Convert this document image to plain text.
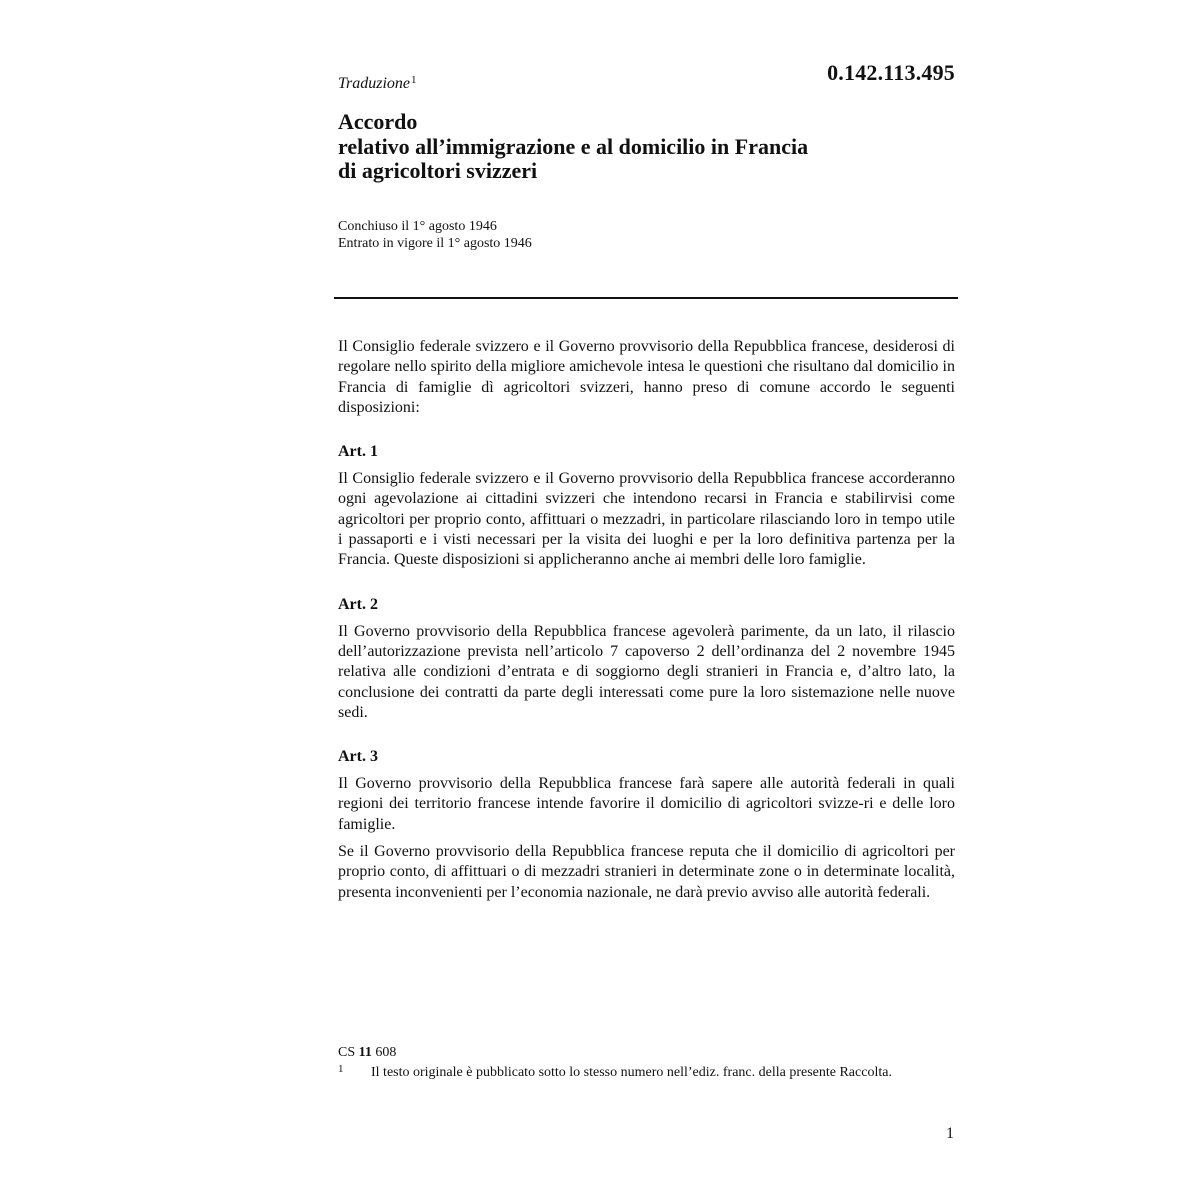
Traduzione$^1$	0.142.113.495
Accordo
relativo all’immigrazione e al domicilio in Francia
di agricoltori svizzeri
Conchiuso il 1° agosto 1946
Entrato in vigore il 1° agosto 1946

Il Consiglio federale svizzero e il Governo provvisorio della Repubblica francese, desiderosi di regolare nello spirito della migliore amichevole intesa le questioni che risultano dal domicilio in Francia di famiglie dì agricoltori svizzeri, hanno preso di comune accordo le seguenti disposizioni:

Art. 1

Il Consiglio federale svizzero e il Governo provvisorio della Repubblica francese accorderanno ogni agevolazione ai cittadini svizzeri che intendono recarsi in Francia e stabilirvisi come agricoltori per proprio conto, affittuari o mezzadri, in particolare rilasciando loro in tempo utile i passaporti e i visti necessari per la visita dei luoghi e per la loro definitiva partenza per la Francia. Queste disposizioni si applicheranno anche ai membri delle loro famiglie.

Art. 2

Il Governo provvisorio della Repubblica francese agevolerà parimente, da un lato, il rilascio dell’autorizzazione prevista nell’articolo 7 capoverso 2 dell’ordinanza del 2 novembre 1945 relativa alle condizioni d’entrata e di soggiorno degli stranieri in Francia e, d’altro lato, la conclusione dei contratti da parte degli interessati come pure la loro sistemazione nelle nuove sedi.

Art. 3

Il Governo provvisorio della Repubblica francese farà sapere alle autorità federali in quali regioni dei territorio francese intende favorire il domicilio di agricoltori svizze-ri e delle loro famiglie.

Se il Governo provvisorio della Repubblica francese reputa che il domicilio di agricoltori per proprio conto, di affittuari o di mezzadri stranieri in determinate zone o in determinate località, presenta inconvenienti per l’economia nazionale, ne darà previo avviso alle autorità federali.

CS 11 608
1 Il testo originale è pubblicato sotto lo stesso numero nell’ediz. franc. della presente Raccolta.
1
